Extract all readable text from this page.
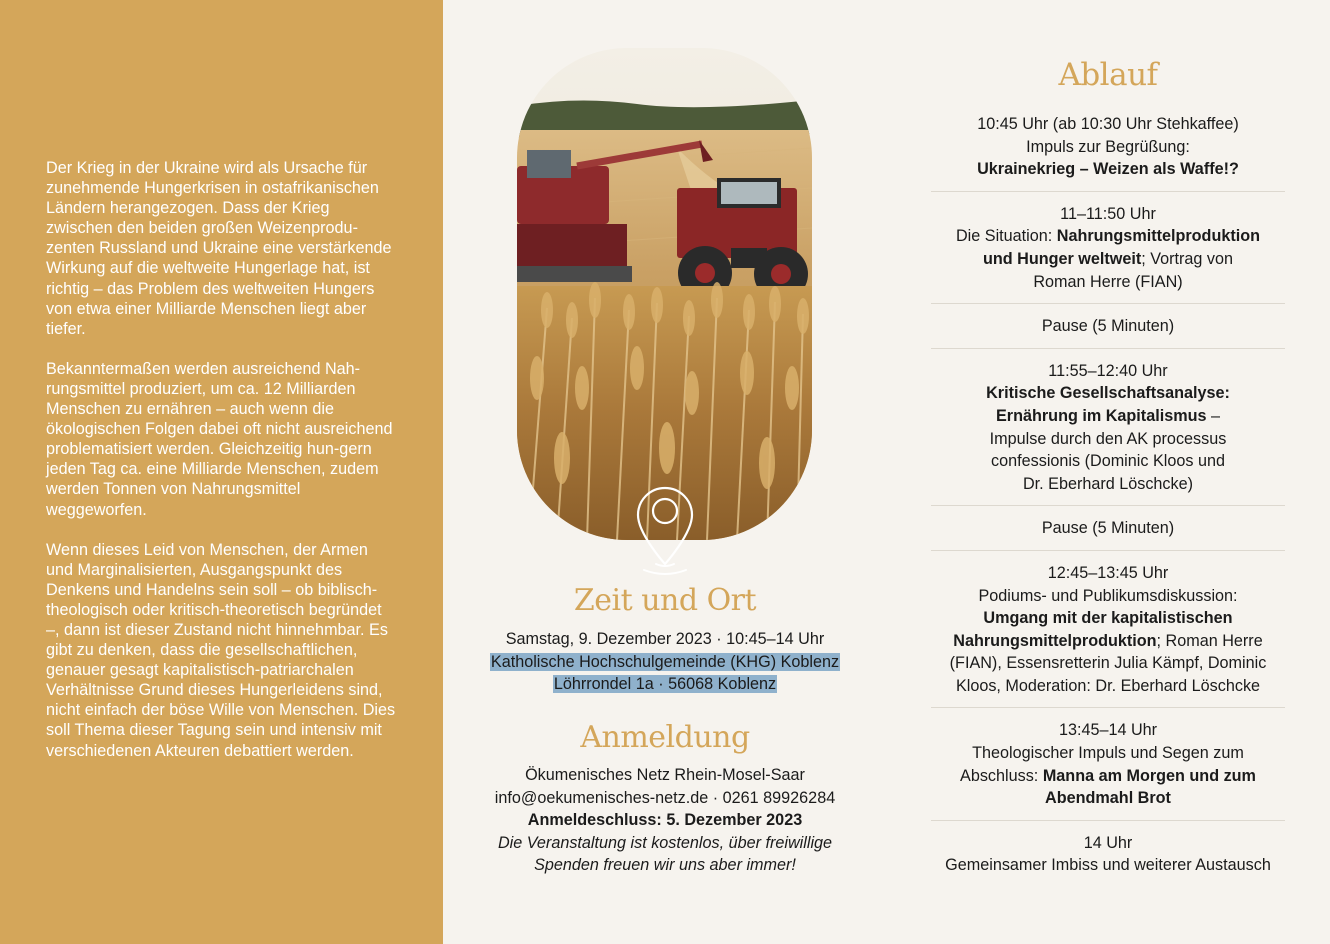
Der Krieg in der Ukraine wird als Ursache für zunehmende Hungerkrisen in ostafrikanischen Ländern herangezogen. Dass der Krieg zwischen den beiden großen Weizenproduzenten Russland und Ukraine eine verstärkende Wirkung auf die weltweite Hungerlage hat, ist richtig – das Problem des weltweiten Hungers von etwa einer Milliarde Menschen liegt aber tiefer.

Bekanntermaßen werden ausreichend Nahrungsmittel produziert, um ca. 12 Milliarden Menschen zu ernähren – auch wenn die ökologischen Folgen dabei oft nicht ausreichend problematisiert werden. Gleichzeitig hun-gern jeden Tag ca. eine Milliarde Menschen, zudem werden Tonnen von Nahrungsmittel weggeworfen.

Wenn dieses Leid von Menschen, der Armen und Marginalisierten, Ausgangspunkt des Denkens und Handelns sein soll – ob biblisch-theologisch oder kritisch-theoretisch begründet –, dann ist dieser Zustand nicht hinnehmbar. Es gibt zu denken, dass die gesellschaftlichen, genauer gesagt kapitalistisch-patriarchalen Verhältnisse Grund dieses Hungerleidens sind, nicht einfach der böse Wille von Menschen. Dies soll Thema dieser Tagung sein und intensiv mit verschiedenen Akteuren debattiert werden.

Zeit und Ort
Samstag, 9. Dezember 2023 · 10:45–14 Uhr
Katholische Hochschulgemeinde (KHG) Koblenz
Löhrrondel 1a · 56068 Koblenz
Anmeldung
Ökumenisches Netz Rhein-Mosel-Saar
info@oekumenisches-netz.de · 0261 89926284
Anmeldeschluss: 5. Dezember 2023
Die Veranstaltung ist kostenlos, über freiwillige
Spenden freuen wir uns aber immer!
Ablauf
10:45 Uhr (ab 10:30 Uhr Stehkaffee)
Impuls zur Begrüßung:
Ukrainekrieg – Weizen als Waffe!?
11–11:50 Uhr
Die Situation: Nahrungsmittelproduktion
und Hunger weltweit; Vortrag von
Roman Herre (FIAN)
Pause (5 Minuten)
11:55–12:40 Uhr
Kritische Gesellschaftsanalyse:
Ernährung im Kapitalismus –
Impulse durch den AK processus
confessionis (Dominic Kloos und
Dr. Eberhard Löschcke)
Pause (5 Minuten)
12:45–13:45 Uhr
Podiums- und Publikumsdiskussion:
Umgang mit der kapitalistischen
Nahrungsmittelproduktion; Roman Herre
(FIAN), Essensretterin Julia Kämpf, Dominic
Kloos, Moderation: Dr. Eberhard Löschcke
13:45–14 Uhr
Theologischer Impuls und Segen zum
Abschluss: Manna am Morgen und zum
Abendmahl Brot
14 Uhr
Gemeinsamer Imbiss und weiterer Austausch
